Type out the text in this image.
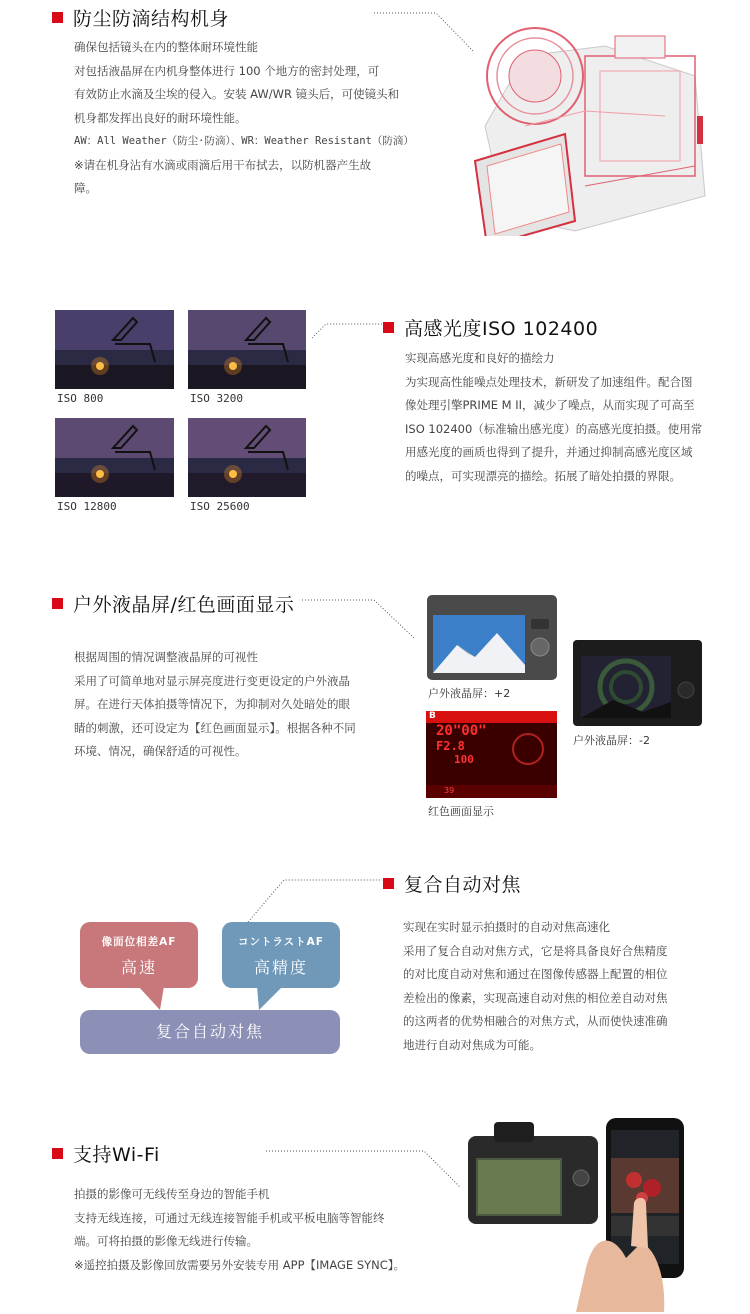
防尘防滴结构机身

确保包括镜头在内的整体耐环境性能

对包括液晶屏在内机身整体进行 100 个地方的密封处理，可

有效防止水滴及尘埃的侵入。安装 AW/WR 镜头后，可使镜头和

机身都发挥出良好的耐环境性能。

AW：All Weather（防尘·防滴）、WR：Weather Resistant（防滴）

※请在机身沾有水滴或雨滴后用干布拭去，以防机器产生故

障。

ISO 800	ISO 3200
ISO 12800	ISO 25600
高感光度ISO 102400

实现高感光度和良好的描绘力

为实现高性能噪点处理技术，新研发了加速组件。配合图

像处理引擎PRIME M II，减少了噪点，从而实现了可高至

ISO 102400（标准输出感光度）的高感光度拍摄。使用常

用感光度的画质也得到了提升，并通过抑制高感光度区域

的噪点，可实现漂亮的描绘。拓展了暗处拍摄的界限。

户外液晶屏/红色画面显示

根据周围的情况调整液晶屏的可视性

采用了可简单地对显示屏亮度进行变更设定的户外液晶

屏。在进行天体拍摄等情况下，为抑制对久处暗处的眼

睛的刺激，还可设定为【红色画面显示】。根据各种不同

环境、情况，确保舒适的可视性。

户外液晶屏：+2
户外液晶屏：-2
B
20"00"
F2.8
100
39
红色画面显示
复合自动对焦
像面位相差AF
高速
コントラストAF
高精度
复合自动对焦

实现在实时显示拍摄时的自动对焦高速化

采用了复合自动对焦方式，它是将具备良好合焦精度

的对比度自动对焦和通过在图像传感器上配置的相位

差检出的像素，实现高速自动对焦的相位差自动对焦

的这两者的优势相融合的对焦方式，从而使快速准确

地进行自动对焦成为可能。

支持Wi-Fi

拍摄的影像可无线传至身边的智能手机

支持无线连接，可通过无线连接智能手机或平板电脑等智能终

端。可将拍摄的影像无线进行传输。

※遥控拍摄及影像回放需要另外安装专用 APP【IMAGE SYNC】。
